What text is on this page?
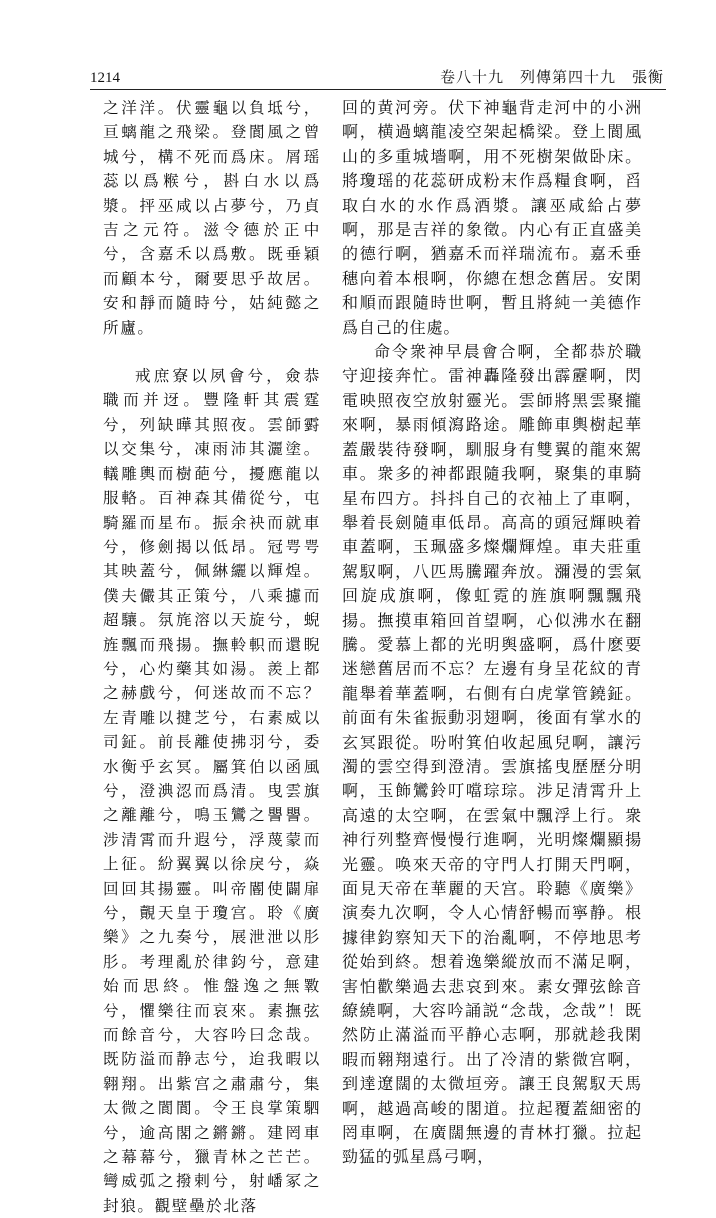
1214	卷八十九　列傳第四十九　張衡

之洋洋。伏靈龜以負坻兮，亘螭龍之飛梁。登閬風之曾城兮，構不死而爲床。屑瑶蕊以爲糇兮，斟白水以爲漿。抨巫咸以占夢兮，乃貞吉之元符。滋令德於正中兮，含嘉禾以爲敷。既垂穎而顧本兮，爾要思乎故居。安和靜而隨時兮，姑純懿之所廬。

戒庶寮以夙會兮，僉恭職而并迓。豐隆軒其震霆兮，列缺曄其照夜。雲師䨴以交集兮，凍雨沛其灑塗。轙雕輿而樹葩兮，擾應龍以服輅。百神森其備從兮，屯騎羅而星布。振余袂而就車兮，修劍揭以低昂。冠咢咢其映蓋兮，佩綝纚以輝煌。僕夫儼其正策兮，八乘攄而超驤。氛旄溶以天旋兮，蜺旌飄而飛揚。撫軨軹而還睨兮，心灼藥其如湯。羨上都之赫戲兮，何迷故而不忘？左青雕以揵芝兮，右素威以司鉦。前長離使拂羽兮，委水衡乎玄冥。屬箕伯以函風兮，澄淟涊而爲清。曳雲旗之離離兮，鳴玉鸞之譻譻。涉清霄而升遐兮，浮蔑蒙而上征。紛翼翼以徐戾兮，焱回回其揚靈。叫帝閽使闢扉兮，覿天皇于瓊宫。聆《廣樂》之九奏兮，展泄泄以肜肜。考理亂於律鈞兮，意建始而思終。惟盤逸之無斁兮，懼樂往而哀來。素撫弦而餘音兮，大容吟曰念哉。既防溢而静志兮，迨我暇以翱翔。出紫宫之肅肅兮，集太微之閬閬。令王良掌策駟兮，逾高閣之鏘鏘。建罔車之幕幕兮，獵青林之芒芒。彎威弧之撥剌兮，射嶓冢之封狼。觀壁壘於北落

回的黄河旁。伏下神龜背走河中的小洲啊，横過螭龍凌空架起橋梁。登上閬風山的多重城墻啊，用不死樹架做卧床。將瓊瑶的花蕊研成粉末作爲糧食啊，舀取白水的水作爲酒漿。讓巫咸給占夢啊，那是吉祥的象徵。内心有正直盛美的德行啊，猶嘉禾而祥瑞流布。嘉禾垂穗向着本根啊，你總在想念舊居。安閑和順而跟隨時世啊，暫且將純一美德作爲自己的住處。

命令衆神早晨會合啊，全都恭於職守迎接奔忙。雷神轟隆發出霹靂啊，閃電映照夜空放射靈光。雲師將黑雲聚攏來啊，暴雨傾瀉路途。雕飾車輿樹起華蓋嚴裝待發啊，馴服身有雙翼的龍來駕車。衆多的神都跟隨我啊，聚集的車騎星布四方。抖抖自己的衣袖上了車啊，舉着長劍隨車低昂。高高的頭冠輝映着車蓋啊，玉珮盛多燦爛輝煌。車夫莊重駕馭啊，八匹馬騰躍奔放。瀰漫的雲氣回旋成旗啊，像虹霓的旌旗啊飄飄飛揚。撫摸車箱回首望啊，心似沸水在翻騰。愛慕上都的光明舆盛啊，爲什麽要迷戀舊居而不忘？左邊有身呈花紋的青龍舉着華蓋啊，右側有白虎掌管鐃鉦。前面有朱雀振動羽翅啊，後面有掌水的玄冥跟從。吩咐箕伯收起風兒啊，讓污濁的雲空得到澄清。雲旗搖曳歷歷分明啊，玉飾鸞鈴叮噹琮琮。涉足清霄升上高遠的太空啊，在雲氣中飄浮上行。衆神行列整齊慢慢行進啊，光明燦爛顯揚光靈。唤來天帝的守門人打開天門啊，面見天帝在華麗的天宫。聆聽《廣樂》演奏九次啊，令人心情舒暢而寧静。根據律鈞察知天下的治亂啊，不停地思考從始到終。想着逸樂縱放而不滿足啊，害怕歡樂過去悲哀到來。素女彈弦餘音繚繞啊，大容吟誦説“念哉，念哉”！既然防止滿溢而平静心志啊，那就趁我閑暇而翱翔遠行。出了冷清的紫微宫啊，到達遼闊的太微垣旁。讓王良駕馭天馬啊，越過高峻的閣道。拉起覆蓋細密的罔車啊，在廣闊無邊的青林打獵。拉起勁猛的弧星爲弓啊，
